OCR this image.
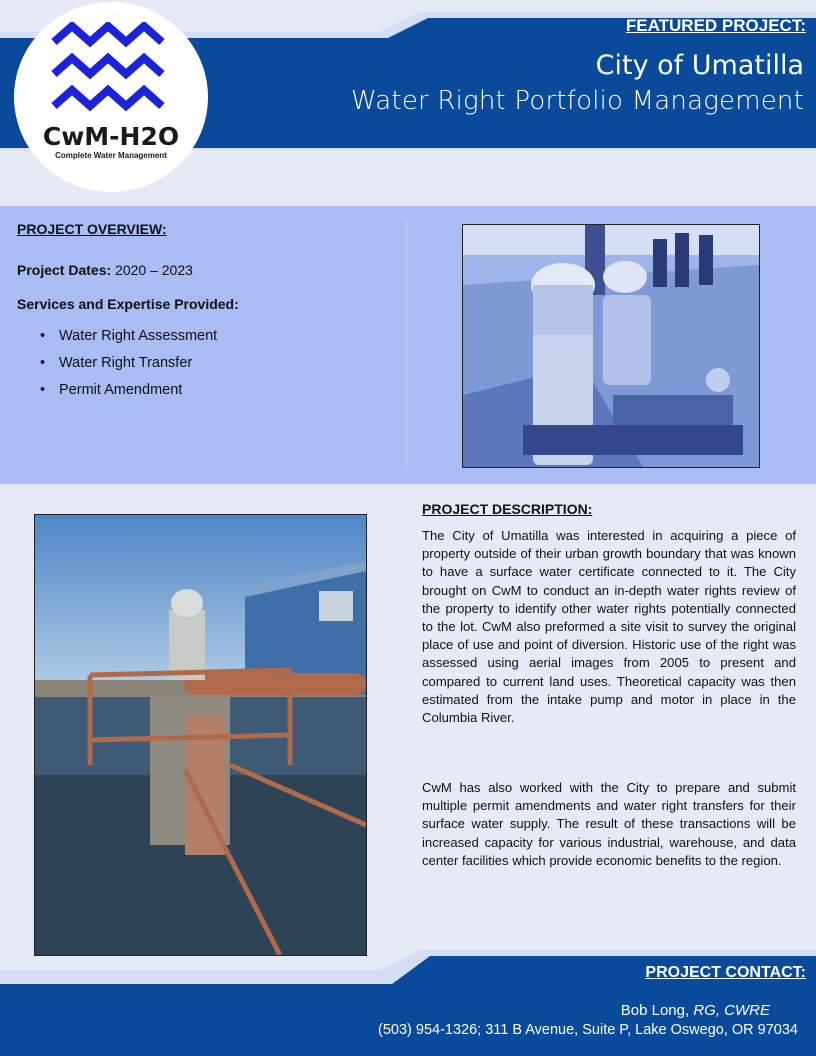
FEATURED PROJECT:
City of Umatilla
Water Right Portfolio Management
CwM-H2O
Complete Water Management
PROJECT OVERVIEW:
Project Dates: 2020 – 2023
Services and Expertise Provided:
• Water Right Assessment
• Water Right Transfer
• Permit Amendment
PROJECT DESCRIPTION:

The City of Umatilla was interested in acquiring a piece of property outside of their urban growth boundary that was known to have a surface water certificate connected to it. The City brought on CwM to conduct an in-depth water rights review of the property to identify other water rights potentially connected to the lot. CwM also preformed a site visit to survey the original place of use and point of diversion. Historic use of the right was assessed using aerial images from 2005 to present and compared to current land uses. Theoretical capacity was then estimated from the intake pump and motor in place in the Columbia River.

CwM has also worked with the City to prepare and submit multiple permit amendments and water right transfers for their surface water supply. The result of these transactions will be increased capacity for various industrial, warehouse, and data center facilities which provide economic benefits to the region.

PROJECT CONTACT:
Bob Long, RG, CWRE
(503) 954-1326; 311 B Avenue, Suite P, Lake Oswego, OR 97034
